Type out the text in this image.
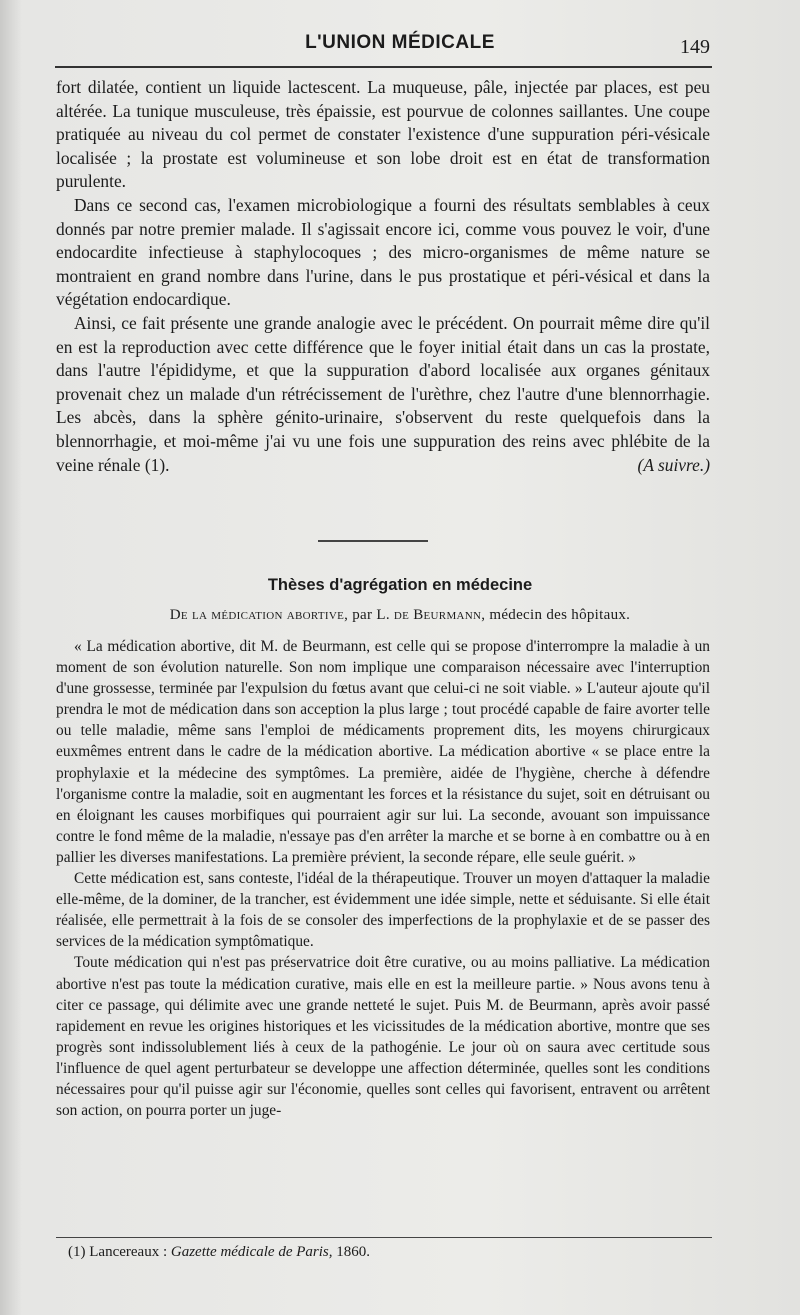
L'UNION MÉDICALE	149

fort dilatée, contient un liquide lactescent. La muqueuse, pâle, injectée par places, est peu altérée. La tunique musculeuse, très épaissie, est pourvue de colonnes saillantes. Une coupe pratiquée au niveau du col permet de constater l'existence d'une suppuration péri-vésicale localisée ; la prostate est volumineuse et son lobe droit est en état de transformation purulente.

Dans ce second cas, l'examen microbiologique a fourni des résultats semblables à ceux donnés par notre premier malade. Il s'agissait encore ici, comme vous pouvez le voir, d'une endocardite infectieuse à staphylocoques ; des micro-organismes de même nature se montraient en grand nombre dans l'urine, dans le pus prostatique et péri-vésical et dans la végétation endocardique.

Ainsi, ce fait présente une grande analogie avec le précédent. On pourrait même dire qu'il en est la reproduction avec cette différence que le foyer initial était dans un cas la prostate, dans l'autre l'épididyme, et que la suppuration d'abord localisée aux organes génitaux provenait chez un malade d'un rétrécissement de l'urèthre, chez l'autre d'une blennorrhagie. Les abcès, dans la sphère génito-urinaire, s'observent du reste quelquefois dans la blennorrhagie, et moi-même j'ai vu une fois une suppuration des reins avec phlébite de la veine rénale (1).	(A suivre.)

Thèses d'agrégation en médecine
De la médication abortive, par L. de Beurmann, médecin des hôpitaux.

« La médication abortive, dit M. de Beurmann, est celle qui se propose d'interrompre la maladie à un moment de son évolution naturelle. Son nom implique une comparaison nécessaire avec l'interruption d'une grossesse, terminée par l'expulsion du fœtus avant que celui-ci ne soit viable. » L'auteur ajoute qu'il prendra le mot de médication dans son acception la plus large ; tout procédé capable de faire avorter telle ou telle maladie, même sans l'emploi de médicaments proprement dits, les moyens chirurgicaux euxmêmes entrent dans le cadre de la médication abortive. La médication abortive « se place entre la prophylaxie et la médecine des symptômes. La première, aidée de l'hygiène, cherche à défendre l'organisme contre la maladie, soit en augmentant les forces et la résistance du sujet, soit en détruisant ou en éloignant les causes morbifiques qui pourraient agir sur lui. La seconde, avouant son impuissance contre le fond même de la maladie, n'essaye pas d'en arrêter la marche et se borne à en combattre ou à en pallier les diverses manifestations. La première prévient, la seconde répare, elle seule guérit. »

Cette médication est, sans conteste, l'idéal de la thérapeutique. Trouver un moyen d'attaquer la maladie elle-même, de la dominer, de la trancher, est évidemment une idée simple, nette et séduisante. Si elle était réalisée, elle permettrait à la fois de se consoler des imperfections de la prophylaxie et de se passer des services de la médication symptômatique.

Toute médication qui n'est pas préservatrice doit être curative, ou au moins palliative. La médication abortive n'est pas toute la médication curative, mais elle en est la meilleure partie. » Nous avons tenu à citer ce passage, qui délimite avec une grande netteté le sujet. Puis M. de Beurmann, après avoir passé rapidement en revue les origines historiques et les vicissitudes de la médication abortive, montre que ses progrès sont indissolublement liés à ceux de la pathogénie. Le jour où on saura avec certitude sous l'influence de quel agent perturbateur se developpe une affection déterminée, quelles sont les conditions nécessaires pour qu'il puisse agir sur l'économie, quelles sont celles qui favorisent, entravent ou arrêtent son action, on pourra porter un juge-

(1) Lancereaux : Gazette médicale de Paris, 1860.
